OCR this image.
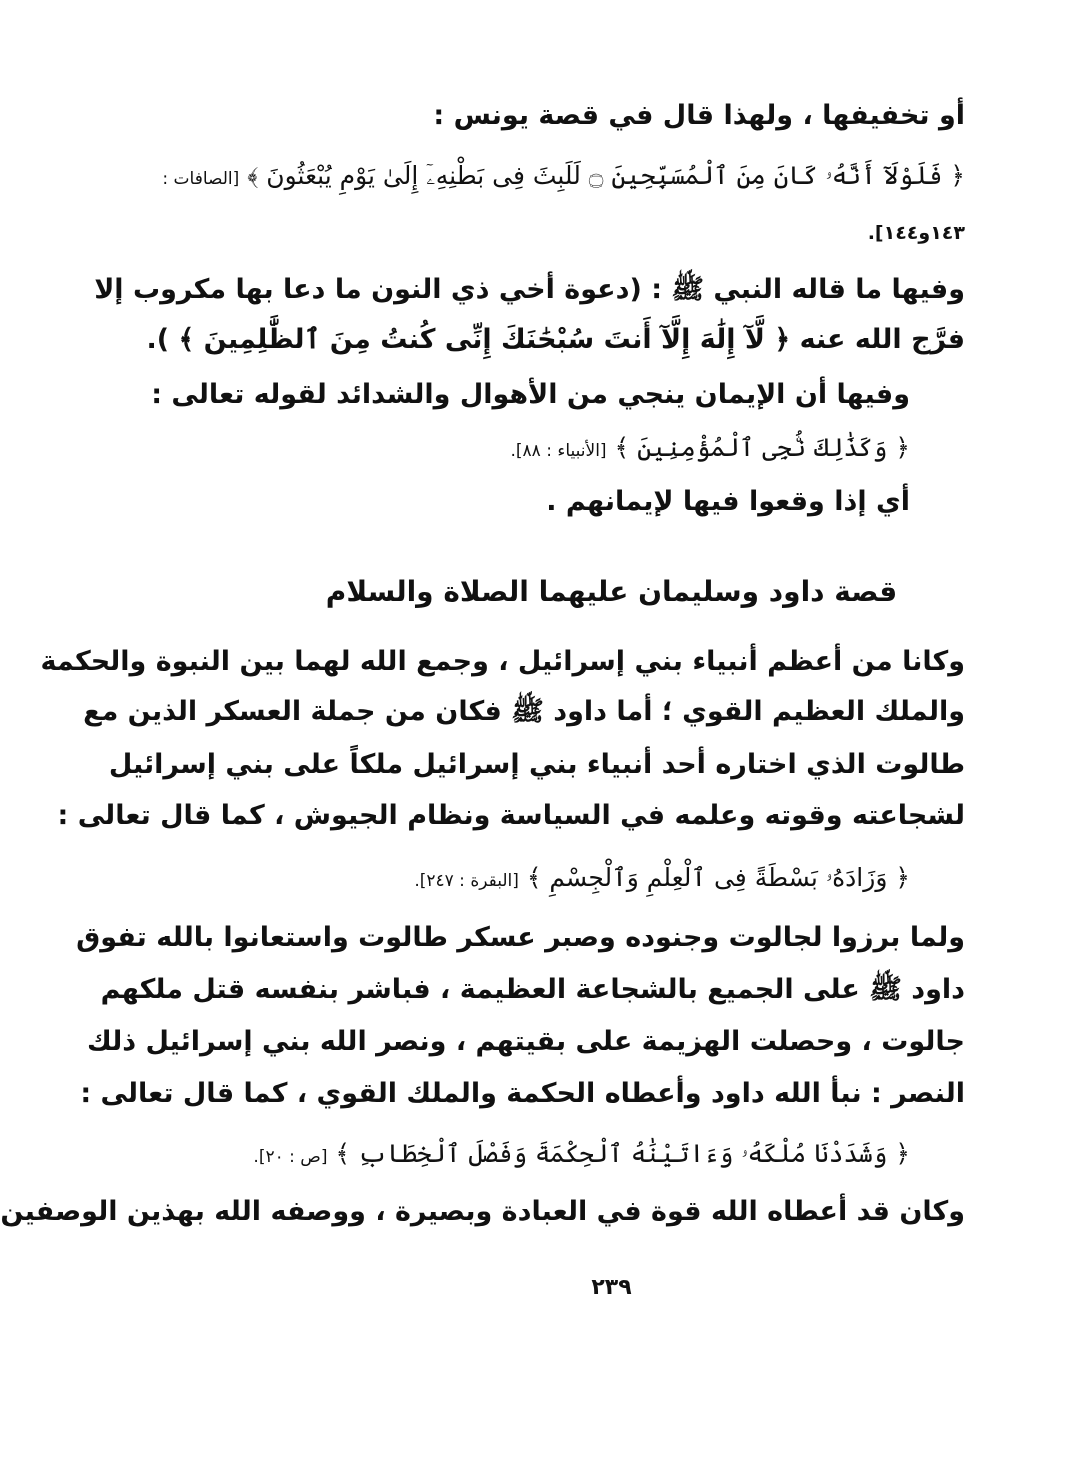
أو تخفيفها ، ولهذا قال في قصة يونس :
﴿ فَلَوْلَآ أَنَّهُۥ كَانَ مِنَ ٱلْمُسَبِّحِينَ ۝ لَلَبِثَ فِى بَطْنِهِۦٓ إِلَىٰ يَوْمِ يُبْعَثُونَ ﴾ [الصافات :
١٤٣و١٤٤].
وفيها ما قاله النبي ﷺ : (دعوة أخي ذي النون ما دعا بها مكروب إلا
فرَّج الله عنه ﴿ لَّآ إِلَٰهَ إِلَّآ أَنتَ سُبْحَٰنَكَ إِنِّى كُنتُ مِنَ ٱلظَّٰلِمِينَ ﴾ ).
وفيها أن الإيمان ينجي من الأهوال والشدائد لقوله تعالى :
﴿ وَكَذَٰلِكَ نُۨجِى ٱلْمُؤْمِنِينَ ﴾ [الأنبياء : ٨٨].
أي إذا وقعوا فيها لإيمانهم .
قصة داود وسليمان عليهما الصلاة والسلام
وكانا من أعظم أنبياء بني إسرائيل ، وجمع الله لهما بين النبوة والحكمة
والملك العظيم القوي ؛ أما داود ﷺ فكان من جملة العسكر الذين مع
طالوت الذي اختاره أحد أنبياء بني إسرائيل ملكاً على بني إسرائيل
لشجاعته وقوته وعلمه في السياسة ونظام الجيوش ، كما قال تعالى :
﴿ وَزَادَهُۥ بَسْطَةً فِى ٱلْعِلْمِ وَٱلْجِسْمِ ﴾ [البقرة : ٢٤٧].
ولما برزوا لجالوت وجنوده وصبر عسكر طالوت واستعانوا بالله تفوق
داود ﷺ على الجميع بالشجاعة العظيمة ، فباشر بنفسه قتل ملكهم
جالوت ، وحصلت الهزيمة على بقيتهم ، ونصر الله بني إسرائيل ذلك
النصر : نبأ الله داود وأعطاه الحكمة والملك القوي ، كما قال تعالى :
﴿ وَشَدَدْنَا مُلْكَهُۥ وَءَاتَيْنَٰهُ ٱلْحِكْمَةَ وَفَصْلَ ٱلْخِطَابِ ﴾ [ص : ٢٠].
وكان قد أعطاه الله قوة في العبادة وبصيرة ، ووصفه الله بهذين الوصفين
٢٣٩
